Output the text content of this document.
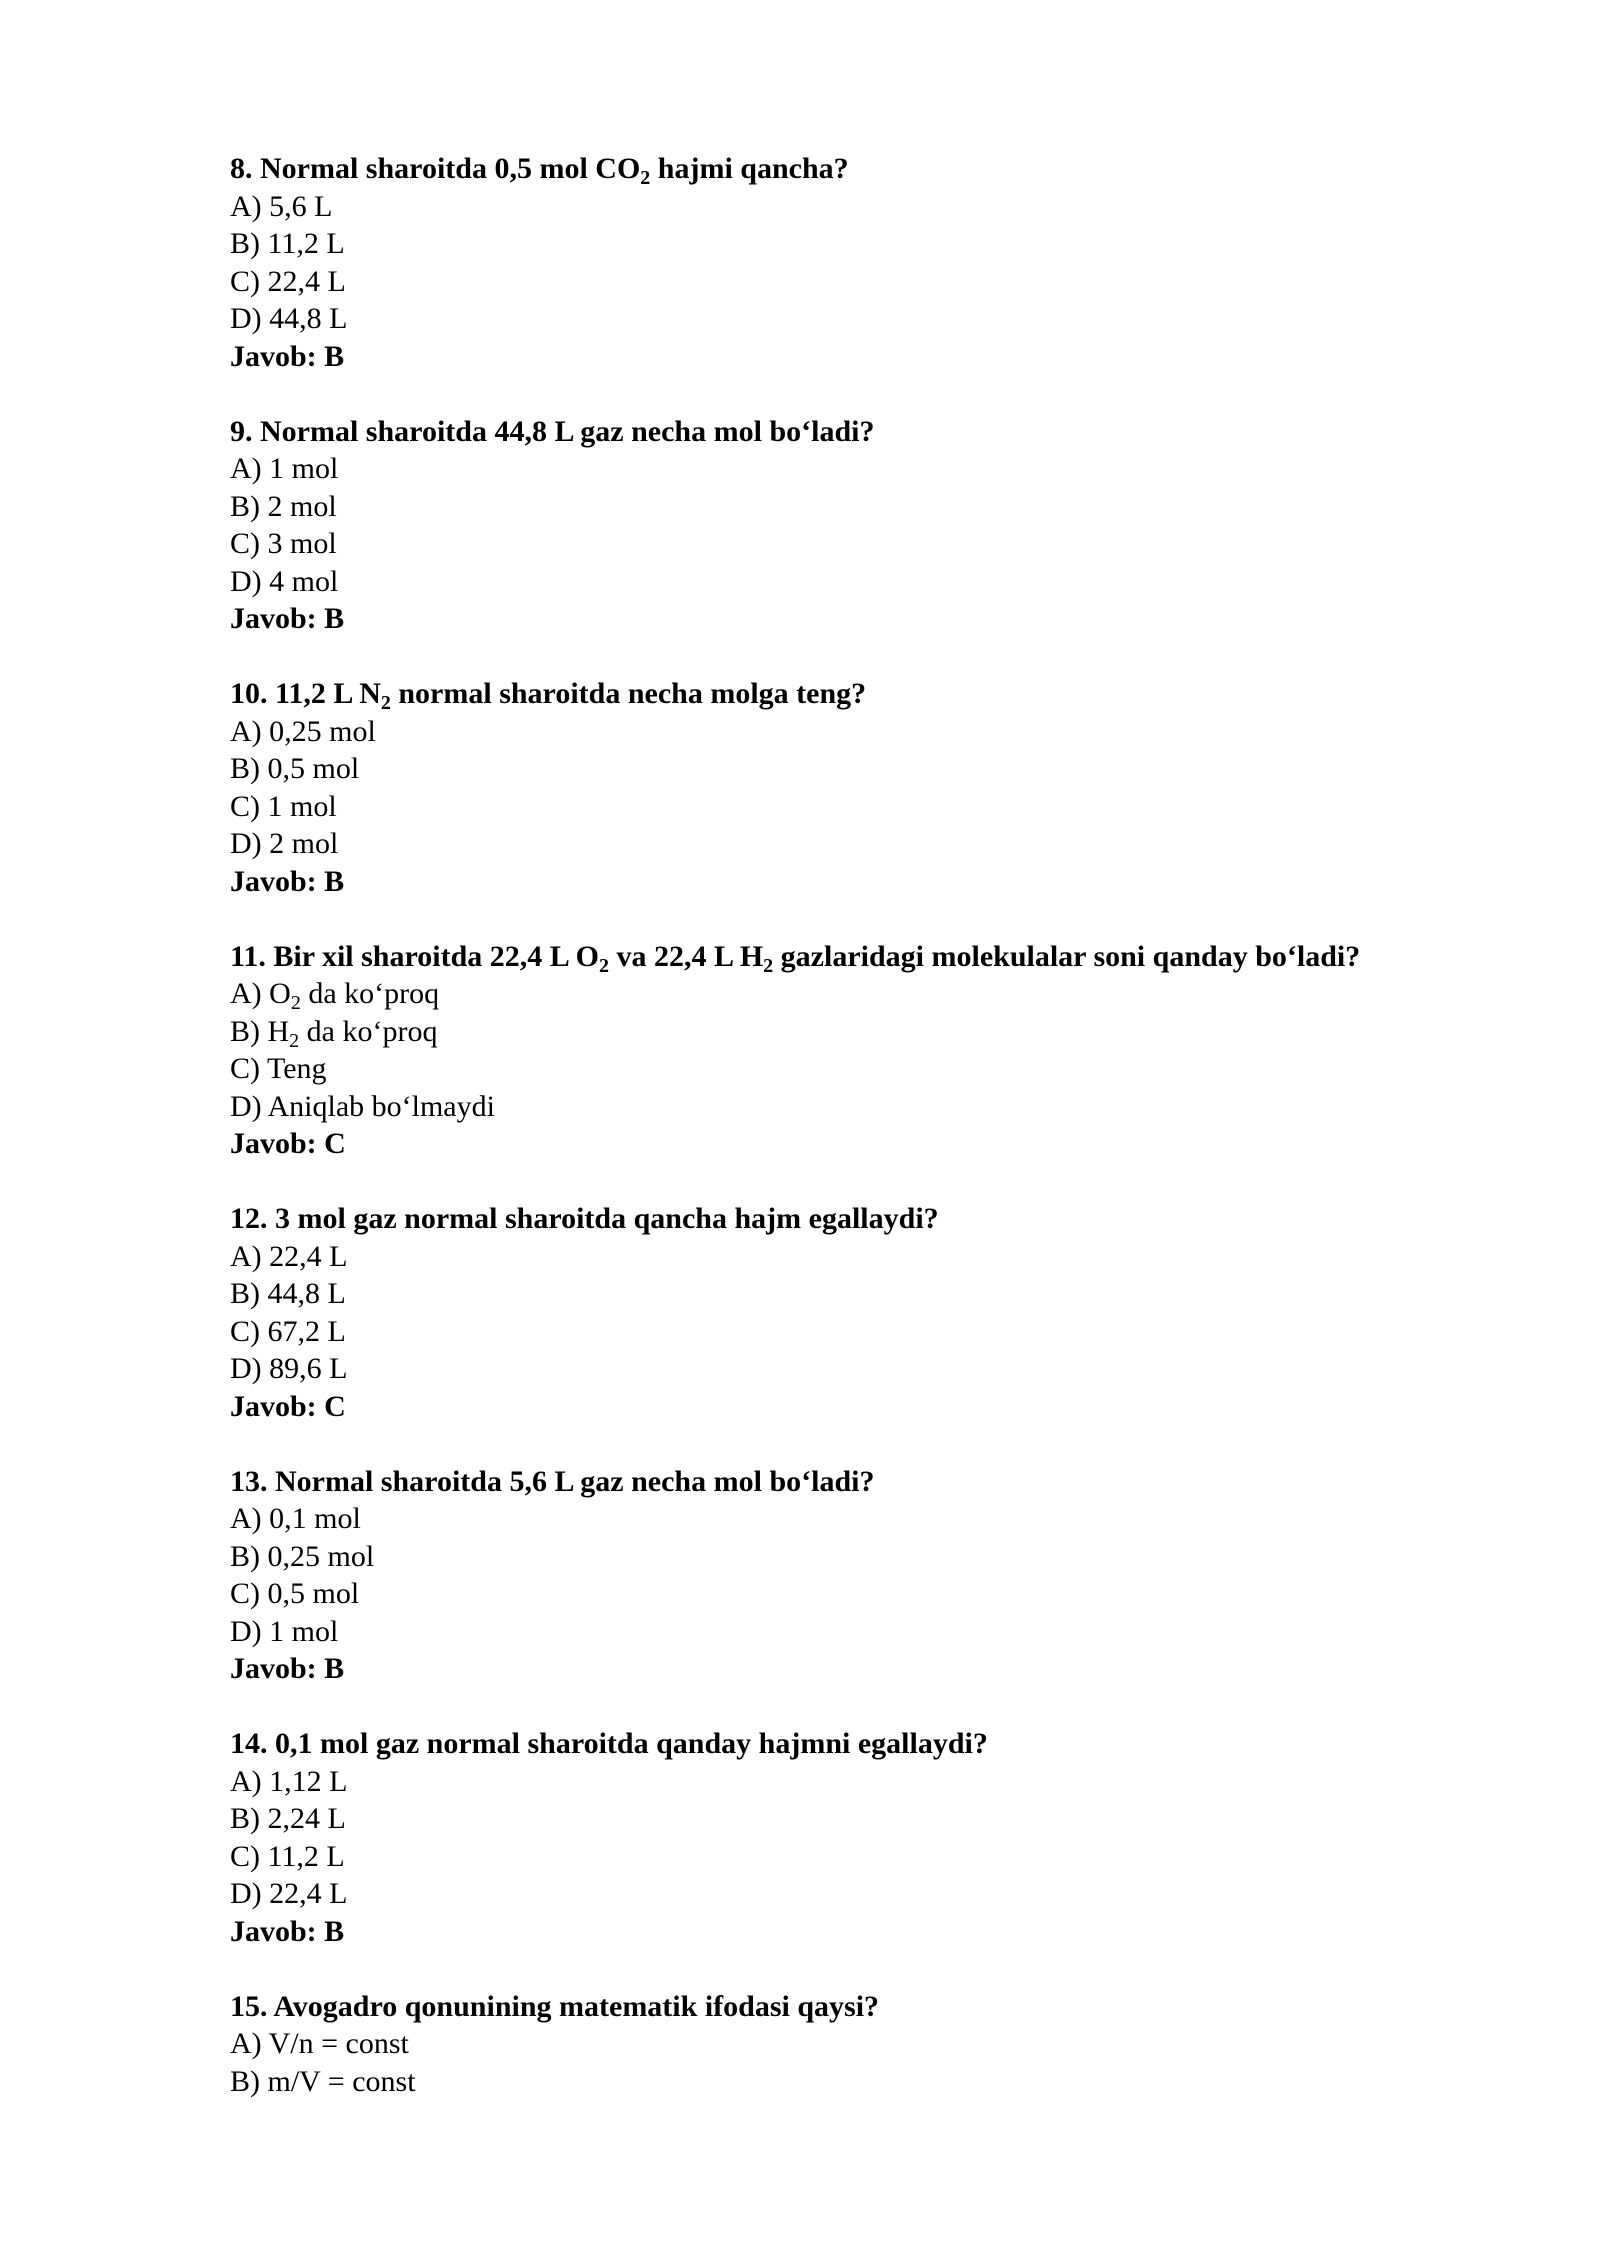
8. Normal sharoitda 0,5 mol $CO_2$ hajmi qancha?
A) 5,6 L
B) 11,2 L
C) 22,4 L
D) 44,8 L
Javob: B
9. Normal sharoitda 44,8 L gaz necha mol bo‘ladi?
A) 1 mol
B) 2 mol
C) 3 mol
D) 4 mol
Javob: B
10. 11,2 L $N_2$ normal sharoitda necha molga teng?
A) 0,25 mol
B) 0,5 mol
C) 1 mol
D) 2 mol
Javob: B
11. Bir xil sharoitda 22,4 L $O_2$ va 22,4 L $H_2$ gazlaridagi molekulalar soni qanday bo‘ladi?
A) $O_2$ da ko‘proq
B) $H_2$ da ko‘proq
C) Teng
D) Aniqlab bo‘lmaydi
Javob: C
12. 3 mol gaz normal sharoitda qancha hajm egallaydi?
A) 22,4 L
B) 44,8 L
C) 67,2 L
D) 89,6 L
Javob: C
13. Normal sharoitda 5,6 L gaz necha mol bo‘ladi?
A) 0,1 mol
B) 0,25 mol
C) 0,5 mol
D) 1 mol
Javob: B
14. 0,1 mol gaz normal sharoitda qanday hajmni egallaydi?
A) 1,12 L
B) 2,24 L
C) 11,2 L
D) 22,4 L
Javob: B
15. Avogadro qonunining matematik ifodasi qaysi?
A) V/n = const
B) m/V = const
